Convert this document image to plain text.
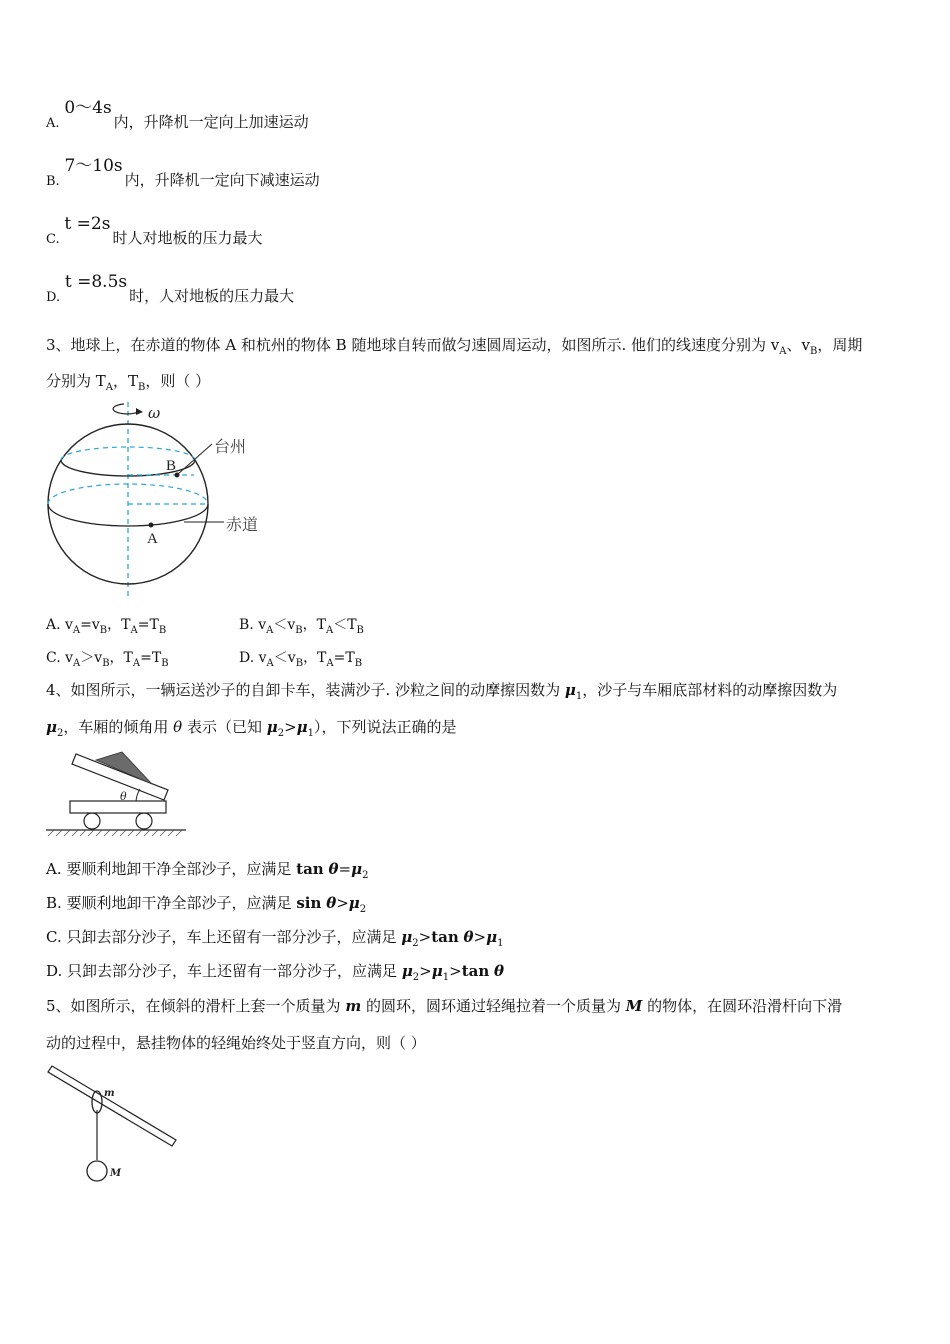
A. 0～4s内，升降机一定向上加速运动
B. 7～10s内，升降机一定向下减速运动
C. t =2s时人对地板的压力最大
D. t =8.5s时，人对地板的压力最大
3、地球上，在赤道的物体 A 和杭州的物体 B 随地球自转而做匀速圆周运动，如图所示. 他们的线速度分别为 $v_A$、$v_B$，周期
分别为 $T_A$，$T_B$，则（ ）
ω
B
台州
A
赤道
A. $v_A=v_B$，$T_A=T_B$	B. $v_A<v_B$，$T_A<T_B$
C. $v_A>v_B$，$T_A=T_B$	D. $v_A<v_B$，$T_A=T_B$
4、如图所示，一辆运送沙子的自卸卡车，装满沙子. 沙粒之间的动摩擦因数为 $\mu_1$，沙子与车厢底部材料的动摩擦因数为
$\mu_2$，车厢的倾角用 θ 表示（已知 $\mu_2>\mu_1$），下列说法正确的是
θ
A. 要顺利地卸干净全部沙子，应满足 $\tan \theta=\mu_2$
B. 要顺利地卸干净全部沙子，应满足 $\sin \theta>\mu_2$
C. 只卸去部分沙子，车上还留有一部分沙子，应满足 $\mu_2>\tan$ $\theta>\mu_1$
D. 只卸去部分沙子，车上还留有一部分沙子，应满足 $\mu_2>\mu_1>\tan$ θ
5、如图所示，在倾斜的滑杆上套一个质量为 m 的圆环，圆环通过轻绳拉着一个质量为 M 的物体，在圆环沿滑杆向下滑
动的过程中，悬挂物体的轻绳始终处于竖直方向，则（ ）
m
M
